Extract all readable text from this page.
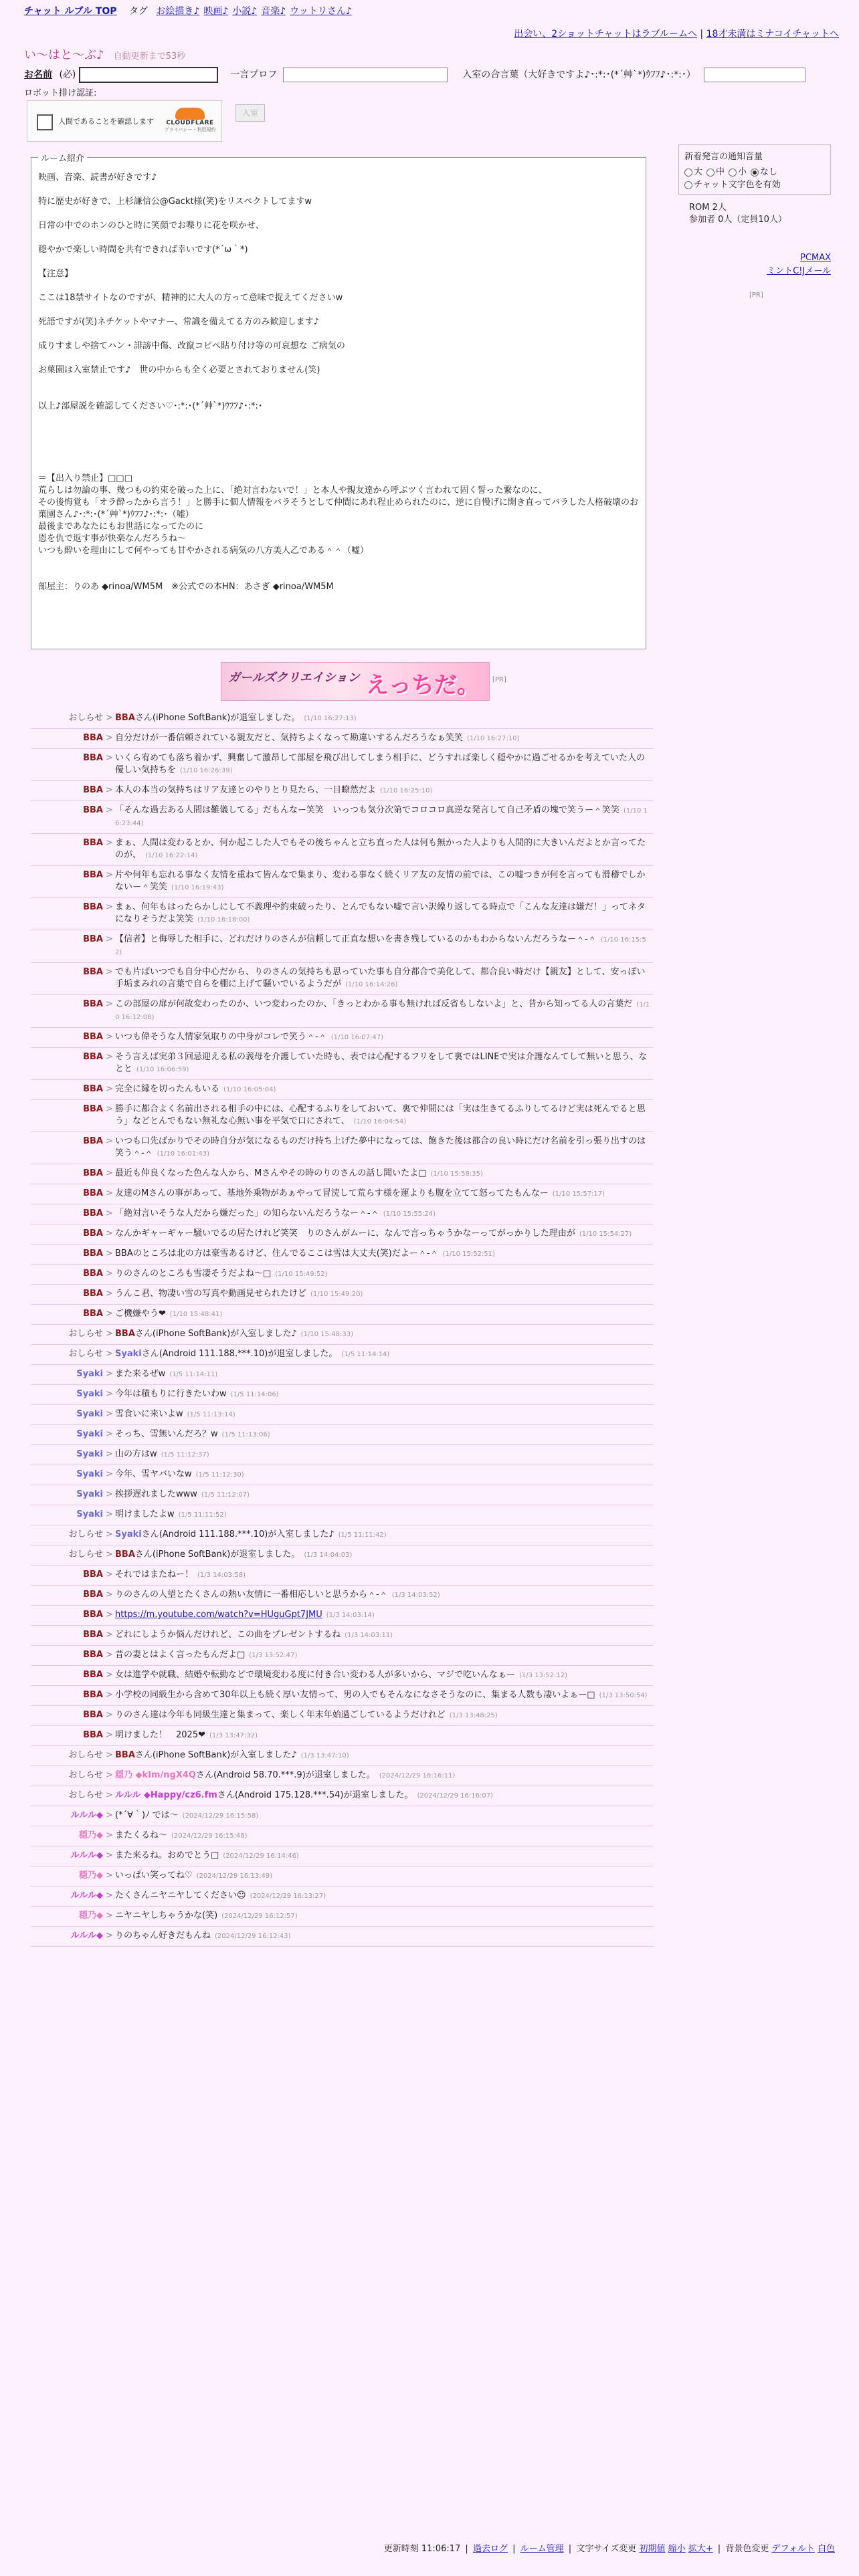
チャット ルブル TOP タグ お絵描き♪ 映画♪ 小説♪ 音楽♪ ウットリさん♪
出会い、2ショットチャットはラブルームへ | 18才未満はミナコイチャットへ
い〜はと〜ぶ♪ 自動更新まで53秒
お名前 (必)	一言プロフ	入室の合言葉（大好きですよ♪･:*:･(*´艸`*)ｳﾌﾌ♪･:*:･）
ロボット排け認証:
人間であることを確認します	CLOUDFLARE
プライバシー・利用規約
入室
ルーム紹介
映画、音楽、読書が好きです♪
特に歴史が好きで、上杉謙信公@Gackt様(笑)をリスペクトしてますw
日常の中でのホンのひと時に笑顔でお喋りに花を咲かせ、
穏やかで楽しい時間を共有できれば幸いです(*´ω｀*)
【注意】
ここは18禁サイトなのですが、精神的に大人の方って意味で捉えてくださいw
死語ですが(笑)ネチケットやマナー、常識を備えてる方のみ歓迎します♪
成りすましや捨てハン・誹謗中傷、改竄コピペ貼り付け等の可哀想な ご病気の
お菓園は入室禁止です♪　世の中からも全く必要とされておりません(笑)
以上♪部屋説を確認してください♡･:*:･(*´艸`*)ｳﾌﾌ♪･:*:･
＝【出入り禁止】□□□
荒らしは勿論の事、幾つもの約束を破った上に、「絶対言わないで！」と本人や親友達から呼ぶツく言われて固く誓った繋なのに、
その後悔覚も「オラ酔ったから言う！」と勝手に個人情報をバラそうとして仲間にあれ程止められたのに、逆に自慢げに開き直ってバラした人格破壊のお菓園さん♪･:*:･(*´艸`*)ｳﾌﾌ♪･:*:･（嘘）
最後まであなたにもお世話になってたのに
恩を仇で返す事が快楽なんだろうね〜
いつも酔いを理由にして何やっても甘やかされる病気の八方美人乙である＾＾（嘘）
部屋主：りのあ ◆rinoa/WM5M　※公式での本HN：あさぎ ◆rinoa/WM5M
新着発言の通知音量
大 中 小 なし
チャット文字色を有効
ROM 2人
参加者 0人（定員10人）
PCMAX
ミントC!Jメール
[PR]
ガールズクリエイション えっちだ。 [PR]
おしらせ > BBAさん(iPhone SoftBank)が退室しました。 (1/10 16:27:13)
BBA > 自分だけが一番信頼されている親友だと、気持ちよくなって勘違いするんだろうなぁ笑笑 (1/10 16:27:10)
BBA > いくら宥めても落ち着かず、興奮して激昂して部屋を飛び出してしまう相手に、どうすれば楽しく穏やかに過ごせるかを考えていた人の優しい気持ちを (1/10 16:26:39)
BBA > 本人の本当の気持ちはリア友達とのやりとり見たら、一目瞭然だよ (1/10 16:25:10)
BBA > 「そんな過去ある人間は難儀してる」だもんなー笑笑　いっつも気分次第でコロコロ真逆な発言して自己矛盾の塊で笑うー＾笑笑 (1/10 16:23:44)
BBA > まぁ、人間は変わるとか、何か起こした人でもその後ちゃんと立ち直った人は何も無かった人よりも人間的に大きいんだよとか言ってたのが、 (1/10 16:22:14)
BBA > 片や何年も忘れる事なく友情を重ねて皆んなで集まり、変わる事なく続くリア友の友情の前では、この嘘つきが何を言っても滑稽でしかないー＾笑笑 (1/10 16:19:43)
BBA > まぁ、何年もはったらかしにして不義理や約束破ったり、とんでもない嘘で言い訳繰り返してる時点で「こんな友達は嫌だ！」ってネタになりそうだよ笑笑 (1/10 16:18:00)
BBA > 【信者】と侮辱した相手に、どれだけりのさんが信頼して正直な想いを書き残しているのかもわからないんだろうなー＾-＾ (1/10 16:15:52)
BBA > でも片ばいつでも自分中心だから、りのさんの気持ちも思っていた事も自分都合で美化して、都合良い時だけ【親友】として、安っぽい手垢まみれの言葉で自らを棚に上げて騒いでいるようだが (1/10 16:14:26)
BBA > この部屋の扉が何故変わったのか、いつ変わったのか、「きっとわかる事も無ければ反省もしないよ」と、昔から知ってる人の言葉だ (1/10 16:12:08)
BBA > いつも偉そうな人情家気取りの中身がコレで笑う＾-＾ (1/10 16:07:47)
BBA > そう言えば実弟３回忌迎える私の義母を介護していた時も、表では心配するフリをして裏ではLINEで実は介護なんてして無いと思う、なとと (1/10 16:06:59)
BBA > 完全に縁を切ったんもいる (1/10 16:05:04)
BBA > 勝手に都合よく名前出される相手の中には、心配するふりをしておいて、裏で仲間には「実は生きてるふりしてるけど実は死んでると思う」などとんでもない無礼な心無い事を平気で口にされて、 (1/10 16:04:54)
BBA > いつも口先ばかりでその時自分が気になるものだけ持ち上げた夢中になっては、飽きた後は都合の良い時にだけ名前を引っ張り出すのは笑う＾-＾ (1/10 16:01:43)
BBA > 最近も仲良くなった色んな人から、Mさんやその時のりのさんの話し聞いたよ□ (1/10 15:58:35)
BBA > 友達のMさんの事があって、基地外乗物があぁやって冒涜して荒らす様を運よりも腹を立てて怒ってたもんなー (1/10 15:57:17)
BBA > 「絶対言いそうな人だから嫌だった」の知らないんだろうなー＾-＾ (1/10 15:55:24)
BBA > なんかギャーギャー騒いでるの居たけれど笑笑　りのさんがムーに、なんで言っちゃうかなーってがっかりした理由が (1/10 15:54:27)
BBA > BBAのところは北の方は豪雪あるけど、住んでるここは雪は大丈夫(笑)だよー＾-＾ (1/10 15:52:51)
BBA > りのさんのところも雪凄そうだよね〜□ (1/10 15:49:52)
BBA > うんこ君、物凄い雪の写真や動画見せられたけど (1/10 15:49:20)
BBA > ご機嫌やう❤ (1/10 15:48:41)
おしらせ > BBAさん(iPhone SoftBank)が入室しました♪ (1/10 15:48:33)
おしらせ > Syakiさん(Android 111.188.***.10)が退室しました。 (1/5 11:14:14)
Syaki > また来るぜw (1/5 11:14:11)
Syaki > 今年は積もりに行きたいわw (1/5 11:14:06)
Syaki > 雪食いに来いよw (1/5 11:13:14)
Syaki > そっち、雪無いんだろ？w (1/5 11:13:06)
Syaki > 山の方はw (1/5 11:12:37)
Syaki > 今年、雪ヤバいなw (1/5 11:12:30)
Syaki > 挨拶遅れましたwww (1/5 11:12:07)
Syaki > 明けましたよw (1/5 11:11:52)
おしらせ > Syakiさん(Android 111.188.***.10)が入室しました♪ (1/5 11:11:42)
おしらせ > BBAさん(iPhone SoftBank)が退室しました。 (1/3 14:04:03)
BBA > それではまたねー！ (1/3 14:03:58)
BBA > りのさんの人望とたくさんの熱い友情に一番相応しいと思うから＾-＾ (1/3 14:03:52)
BBA > https://m.youtube.com/watch?v=HUguGpt7JMU (1/3 14:03:14)
BBA > どれにしようか悩んだけれど、この曲をプレゼントするね (1/3 14:03:11)
BBA > 昔の妻とはよく言ったもんだよ□ (1/3 13:52:47)
BBA > 女は進学や就職、結婚や転勤などで環境変わる度に付き合い変わる人が多いから、マジで吃いんなぁー (1/3 13:52:12)
BBA > 小学校の同級生から含めて30年以上も続く厚い友情って、男の人でもそんなになさそうなのに、集まる人数も凄いよぁー□ (1/3 13:50:54)
BBA > りのさん達は今年も同級生達と集まって、楽しく年末年始過ごしているようだけれど (1/3 13:48:25)
BBA > 明けました！　2025❤ (1/3 13:47:32)
おしらせ > BBAさん(iPhone SoftBank)が入室しました♪ (1/3 13:47:10)
おしらせ > 穏乃 ◆kIm/ngX4Qさん(Android 58.70.***.9)が退室しました。 (2024/12/29 16:16:11)
おしらせ > ルルル ◆Happy/cz6.fmさん(Android 175.128.***.54)が退室しました。 (2024/12/29 16:16:07)
ルルル◆ > (*´∀｀)ﾉ では〜 (2024/12/29 16:15:58)
穏乃◆ > またくるね〜 (2024/12/29 16:15:48)
ルルル◆ > また来るね。おめでとう□ (2024/12/29 16:14:46)
穏乃◆ > いっぱい笑ってね♡ (2024/12/29 16:13:49)
ルルル◆ > たくさんニヤニヤしてください☺ (2024/12/29 16:13:27)
穏乃◆ > ニヤニヤしちゃうかな(笑) (2024/12/29 16:12:57)
ルルル◆ > りのちゃん好きだもんね (2024/12/29 16:12:43)
更新時刻 11:06:17 | 過去ログ | ルーム管理 | 文字サイズ変更 初期値 縮小 拡大+ | 背景色変更 デフォルト 白色
